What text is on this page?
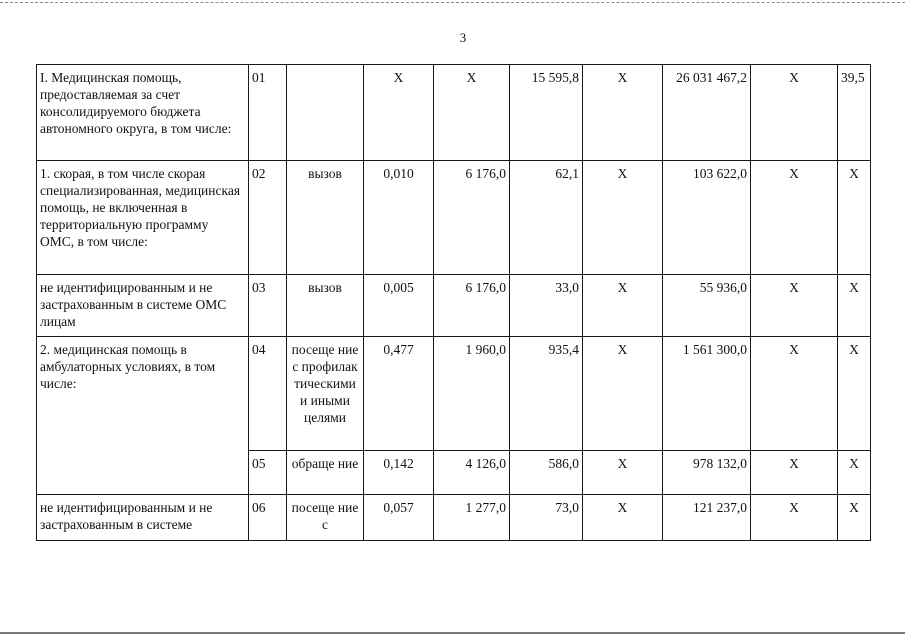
3
I. Медицинская помощь, предоставляемая за счет консолидируемого бюджета автономного округа, в том числе:	01		X	X	15 595,8	X	26 031 467,2	X	39,5
1. скорая, в том числе скорая специализированная, медицинская помощь, не включенная в территориальную программу ОМС, в том числе:	02	вызов	0,010	6 176,0	62,1	X	103 622,0	X	X
не идентифицированным и не застрахованным в системе ОМС лицам	03	вызов	0,005	6 176,0	33,0	X	55 936,0	X	X
2. медицинская помощь в амбулаторных условиях, в том числе:	04	посеще ние с профилак тическими и иными целями	0,477	1 960,0	935,4	X	1 561 300,0	X	X
	05	обраще ние	0,142	4 126,0	586,0	X	978 132,0	X	X
не идентифицированным и не застрахованным в системе	06	посеще ние с	0,057	1 277,0	73,0	X	121 237,0	X	X
